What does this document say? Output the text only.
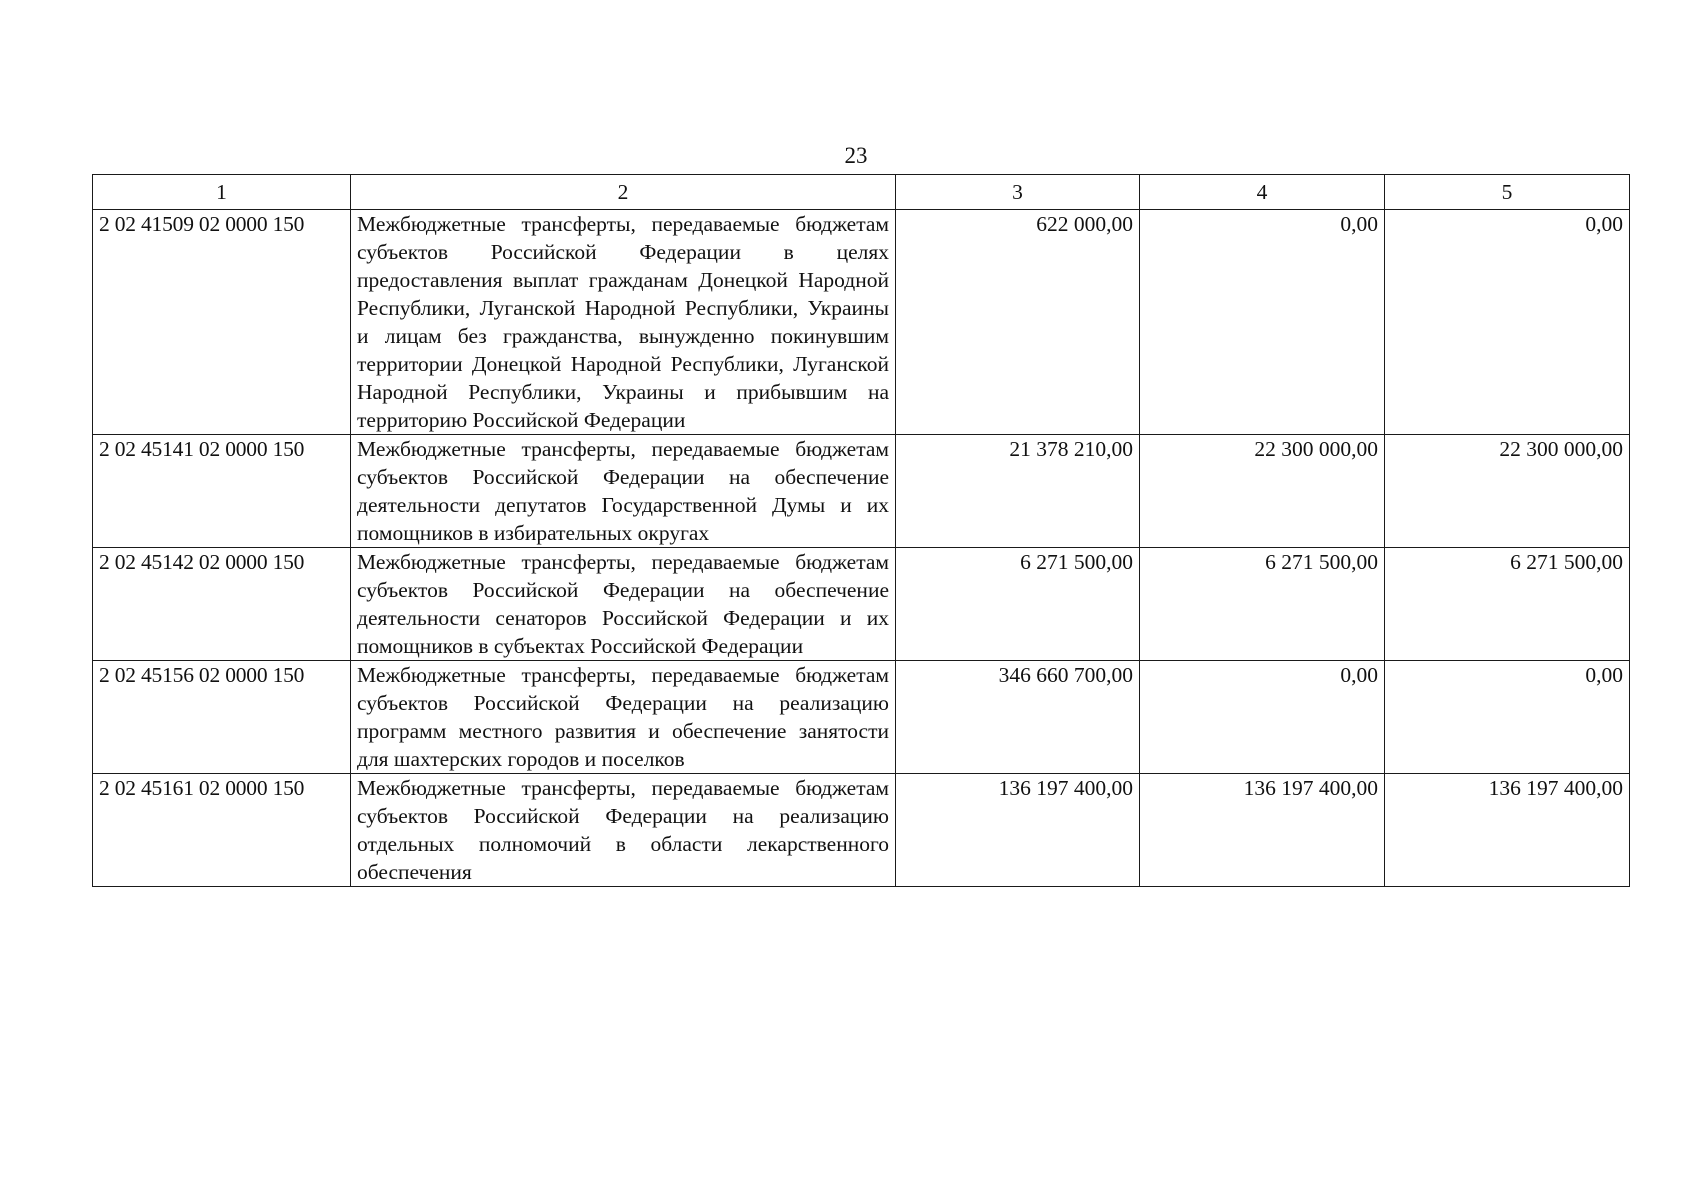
23
1	2	3	4	5
2 02 41509 02 0000 150	Межбюджетные трансферты, передаваемые бюджетам субъектов Российской Федерации в целях предоставления выплат гражданам Донецкой Народной Республики, Луганской Народной Республики, Украины и лицам без гражданства, вынужденно покинувшим территории Донецкой Народной Республики, Луганской Народной Республики, Украины и прибывшим на территорию Российской Федерации	622 000,00	0,00	0,00
2 02 45141 02 0000 150	Межбюджетные трансферты, передаваемые бюджетам субъектов Российской Федерации на обеспечение деятельности депутатов Государственной Думы и их помощников в избирательных округах	21 378 210,00	22 300 000,00	22 300 000,00
2 02 45142 02 0000 150	Межбюджетные трансферты, передаваемые бюджетам субъектов Российской Федерации на обеспечение деятельности сенаторов Российской Федерации и их помощников в субъектах Российской Федерации	6 271 500,00	6 271 500,00	6 271 500,00
2 02 45156 02 0000 150	Межбюджетные трансферты, передаваемые бюджетам субъектов Российской Федерации на реализацию программ местного развития и обеспечение занятости для шахтерских городов и поселков	346 660 700,00	0,00	0,00
2 02 45161 02 0000 150	Межбюджетные трансферты, передаваемые бюджетам субъектов Российской Федерации на реализацию отдельных полномочий в области лекарственного обеспечения	136 197 400,00	136 197 400,00	136 197 400,00
